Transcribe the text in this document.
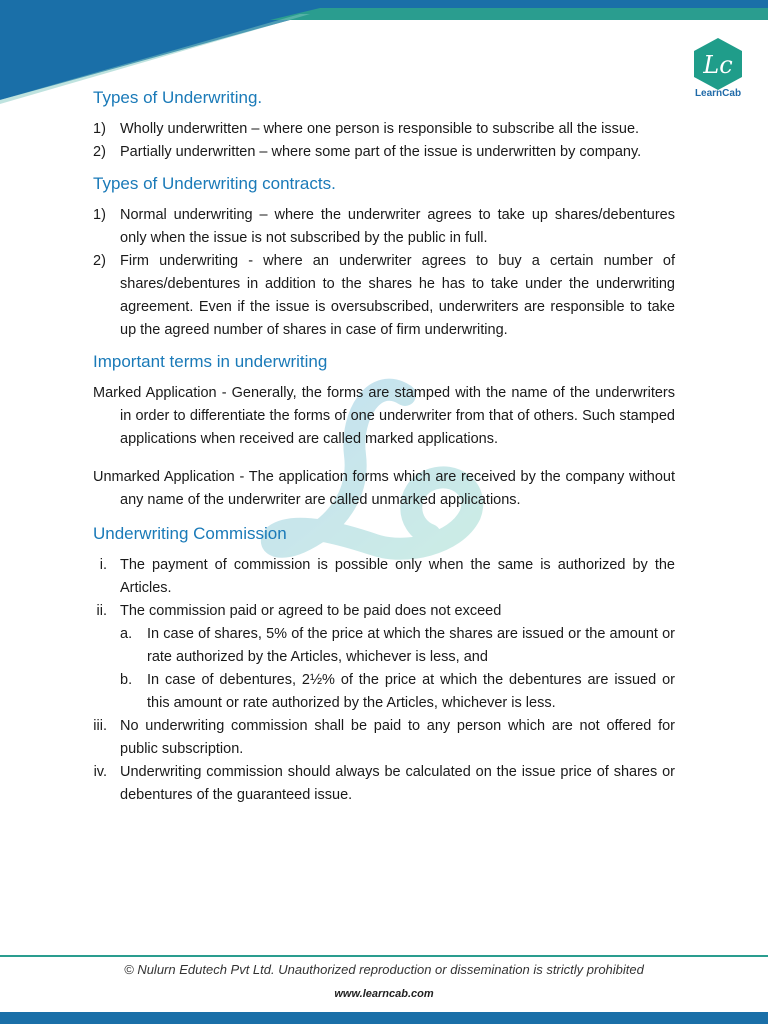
Lc
LearnCab
Types of Underwriting.
1) Wholly underwritten – where one person is responsible to subscribe all the issue.
2) Partially underwritten – where some part of the issue is underwritten by company.
Types of Underwriting contracts.
1) Normal underwriting – where the underwriter agrees to take up shares/debentures only when the issue is not subscribed by the public in full.
2) Firm underwriting - where an underwriter agrees to buy a certain number of shares/debentures in addition to the shares he has to take under the underwriting agreement. Even if the issue is oversubscribed, underwriters are responsible to take up the agreed number of shares in case of firm underwriting.
Important terms in underwriting

Marked Application - Generally, the forms are stamped with the name of the underwriters in order to differentiate the forms of one underwriter from that of others. Such stamped applications when received are called marked applications.

Unmarked Application - The application forms which are received by the company without any name of the underwriter are called unmarked applications.

Underwriting Commission
i. The payment of commission is possible only when the same is authorized by the Articles.
ii. The commission paid or agreed to be paid does not exceed
a.	In case of shares, 5% of the price at which the shares are issued or the amount or rate authorized by the Articles, whichever is less, and
b.	In case of debentures, 2½% of the price at which the debentures are issued or this amount or rate authorized by the Articles, whichever is less.
iii. No underwriting commission shall be paid to any person which are not offered for public subscription.
iv. Underwriting commission should always be calculated on the issue price of shares or debentures of the guaranteed issue.
© Nulurn Edutech Pvt Ltd. Unauthorized reproduction or dissemination is strictly prohibited
www.learncab.com
